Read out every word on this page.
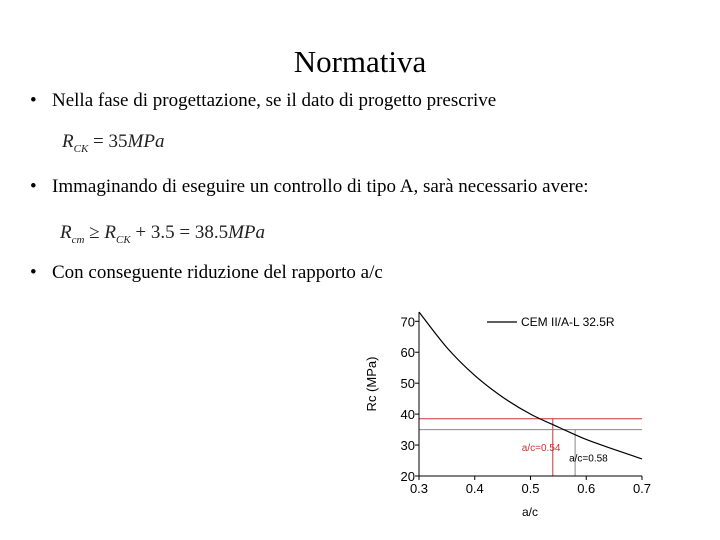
Normativa
• Nella fase di progettazione, se il dato di progetto prescrive
$R_{CK} = 35MPa$
• Immaginando di eseguire un controllo di tipo A, sarà necessario avere:
$R_{cm} \ge R_{CK} + 3.5 = 38.5MPa$
• Con conseguente riduzione del rapporto a/c
20
30
40
50
60
70
0.3	0.4	0.5	0.6	0.7
CEM II/A-L 32.5R
Rc (MPa)
a/c
a/c=0.54
a/c=0.58
